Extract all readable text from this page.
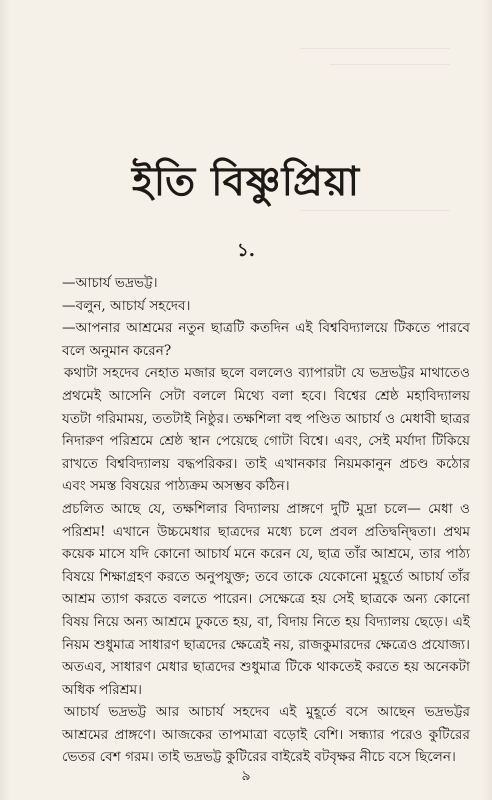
ইতি বিষ্ণুপ্রিয়া
১.

—আচার্য ভদ্রভট্ট।

—বলুন, আচার্য সহদেব।

—আপনার আশ্রমের নতুন ছাত্রটি কতদিন এই বিশ্ববিদ্যালয়ে টিকতে পারবে বলে অনুমান করেন?

কথাটা সহদেব নেহাত মজার ছলে বললেও ব্যাপারটা যে ভদ্রভট্টর মাথাতেও প্রথমেই আসেনি সেটা বললে মিথ্যে বলা হবে। বিশ্বের শ্রেষ্ঠ মহাবিদ্যালয় যতটা গরিমাময়, ততটাই নিষ্ঠুর। তক্ষশিলা বহু পণ্ডিত আচার্য ও মেধাবী ছাত্রর নিদারুণ পরিশ্রমে শ্রেষ্ঠ স্থান পেয়েছে গোটা বিশ্বে। এবং, সেই মর্যাদা টিকিয়ে রাখতে বিশ্ববিদ্যালয় বদ্ধপরিকর। তাই এখানকার নিয়মকানুন প্রচণ্ড কঠোর এবং সমস্ত বিষয়ের পাঠ্যক্রম অসম্ভব কঠিন।

প্রচলিত আছে যে, তক্ষশিলার বিদ্যালয় প্রাঙ্গণে দুটি মুদ্রা চলে— মেধা ও পরিশ্রম! এখানে উচ্চমেধার ছাত্রদের মধ্যে চলে প্রবল প্রতিদ্বন্দ্বিতা। প্রথম কয়েক মাসে যদি কোনো আচার্য মনে করেন যে, ছাত্র তাঁর আশ্রমে, তার পাঠ্য বিষয়ে শিক্ষাগ্রহণ করতে অনুপযুক্ত; তবে তাকে যেকোনো মুহূর্তে আচার্য তাঁর আশ্রম ত্যাগ করতে বলতে পারেন। সেক্ষেত্রে হয় সেই ছাত্রকে অন্য কোনো বিষয় নিয়ে অন্য আশ্রমে ঢুকতে হয়, বা, বিদায় নিতে হয় বিদ্যালয় ছেড়ে। এই নিয়ম শুধুমাত্র সাধারণ ছাত্রদের ক্ষেত্রেই নয়, রাজকুমারদের ক্ষেত্রেও প্রযোজ্য। অতএব, সাধারণ মেধার ছাত্রদের শুধুমাত্র টিকে থাকতেই করতে হয় অনেকটা অধিক পরিশ্রম।

আচার্য ভদ্রভট্ট আর আচার্য সহদেব এই মুহূর্তে বসে আছেন ভদ্রভট্টর আশ্রমের প্রাঙ্গণে। আজকের তাপমাত্রা বড়োই বেশি। সন্ধ্যার পরেও কুটিরের ভেতর বেশ গরম। তাই ভদ্রভট্ট কুটিরের বাইরেই বটবৃক্ষর নীচে বসে ছিলেন।

৯
